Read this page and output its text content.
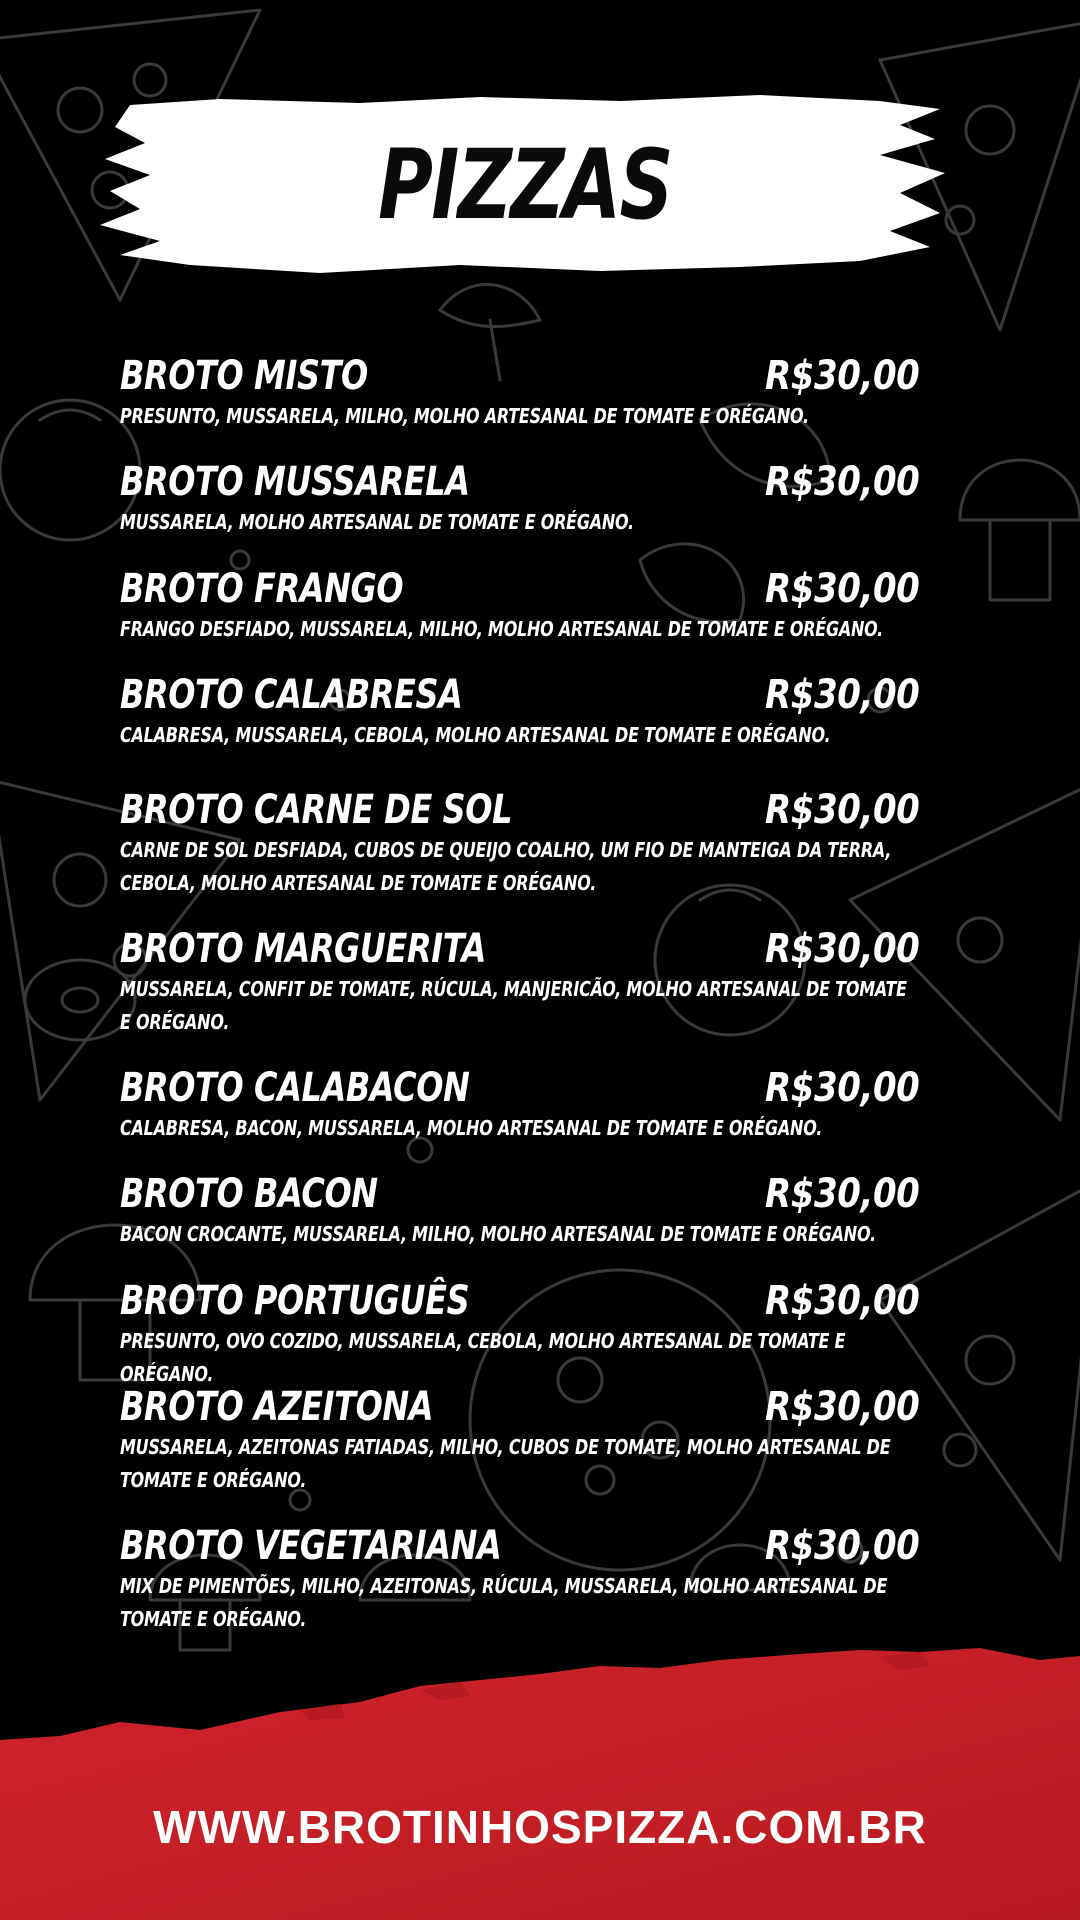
PIZZAS
BROTO MISTO	R$30,00
PRESUNTO, MUSSARELA, MILHO, MOLHO ARTESANAL DE TOMATE E ORÉGANO.
BROTO MUSSARELA	R$30,00
MUSSARELA, MOLHO ARTESANAL DE TOMATE E ORÉGANO.
BROTO FRANGO	R$30,00
FRANGO DESFIADO, MUSSARELA, MILHO, MOLHO ARTESANAL DE TOMATE E ORÉGANO.
BROTO CALABRESA	R$30,00
CALABRESA, MUSSARELA, CEBOLA, MOLHO ARTESANAL DE TOMATE E ORÉGANO.
BROTO CARNE DE SOL	R$30,00
CARNE DE SOL DESFIADA, CUBOS DE QUEIJO COALHO, UM FIO DE MANTEIGA DA TERRA, CEBOLA, MOLHO ARTESANAL DE TOMATE E ORÉGANO.
BROTO MARGUERITA	R$30,00
MUSSARELA, CONFIT DE TOMATE, RÚCULA, MANJERICÃO, MOLHO ARTESANAL DE TOMATE E ORÉGANO.
BROTO CALABACON	R$30,00
CALABRESA, BACON, MUSSARELA, MOLHO ARTESANAL DE TOMATE E ORÉGANO.
BROTO BACON	R$30,00
BACON CROCANTE, MUSSARELA, MILHO, MOLHO ARTESANAL DE TOMATE E ORÉGANO.
BROTO PORTUGUÊS	R$30,00
PRESUNTO, OVO COZIDO, MUSSARELA, CEBOLA, MOLHO ARTESANAL DE TOMATE E ORÉGANO.
BROTO AZEITONA	R$30,00
MUSSARELA, AZEITONAS FATIADAS, MILHO, CUBOS DE TOMATE, MOLHO ARTESANAL DE TOMATE E ORÉGANO.
BROTO VEGETARIANA	R$30,00
MIX DE PIMENTÕES, MILHO, AZEITONAS, RÚCULA, MUSSARELA, MOLHO ARTESANAL DE TOMATE E ORÉGANO.
WWW.BROTINHOSPIZZA.COM.BR
